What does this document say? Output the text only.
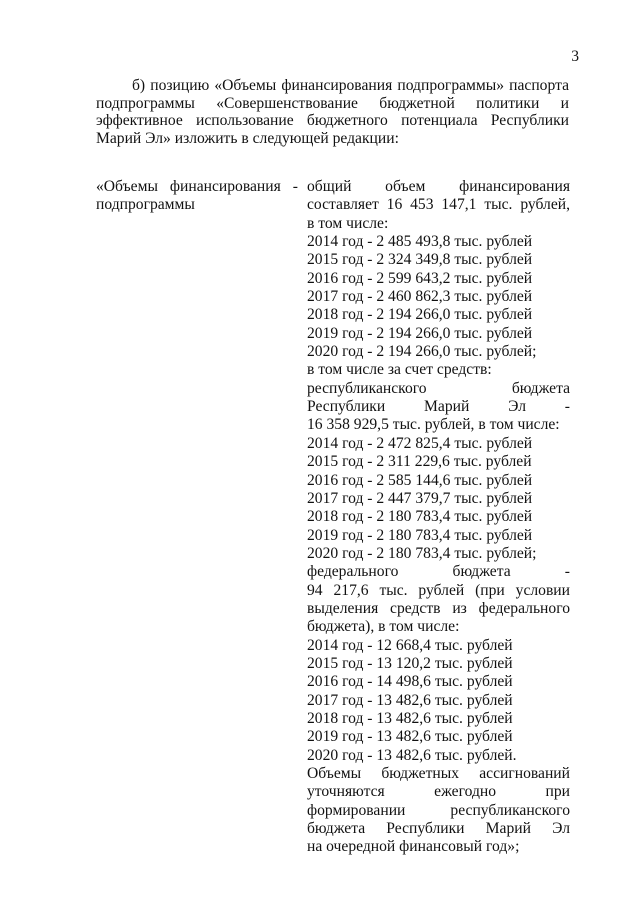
3
б) позицию «Объемы финансирования подпрограммы» паспорта
подпрограммы «Совершенствование бюджетной политики и
эффективное использование бюджетного потенциала Республики
Марий Эл» изложить в следующей редакции:
«Объемы финансирования -
подпрограммы
общий объем финансирования
составляет 16 453 147,1 тыс. рублей,
в том числе:
2014 год - 2 485 493,8 тыс. рублей
2015 год - 2 324 349,8 тыс. рублей
2016 год - 2 599 643,2 тыс. рублей
2017 год - 2 460 862,3 тыс. рублей
2018 год - 2 194 266,0 тыс. рублей
2019 год - 2 194 266,0 тыс. рублей
2020 год - 2 194 266,0 тыс. рублей;
в том числе за счет средств:
республиканского бюджета
Республики Марий Эл -
16 358 929,5 тыс. рублей, в том числе:
2014 год - 2 472 825,4 тыс. рублей
2015 год - 2 311 229,6 тыс. рублей
2016 год - 2 585 144,6 тыс. рублей
2017 год - 2 447 379,7 тыс. рублей
2018 год - 2 180 783,4 тыс. рублей
2019 год - 2 180 783,4 тыс. рублей
2020 год - 2 180 783,4 тыс. рублей;
федерального бюджета -
94 217,6 тыс. рублей (при условии
выделения средств из федерального
бюджета), в том числе:
2014 год - 12 668,4 тыс. рублей
2015 год - 13 120,2 тыс. рублей
2016 год - 14 498,6 тыс. рублей
2017 год - 13 482,6 тыс. рублей
2018 год - 13 482,6 тыс. рублей
2019 год - 13 482,6 тыс. рублей
2020 год - 13 482,6 тыс. рублей.
Объемы бюджетных ассигнований
уточняются ежегодно при
формировании республиканского
бюджета Республики Марий Эл
на очередной финансовый год»;
